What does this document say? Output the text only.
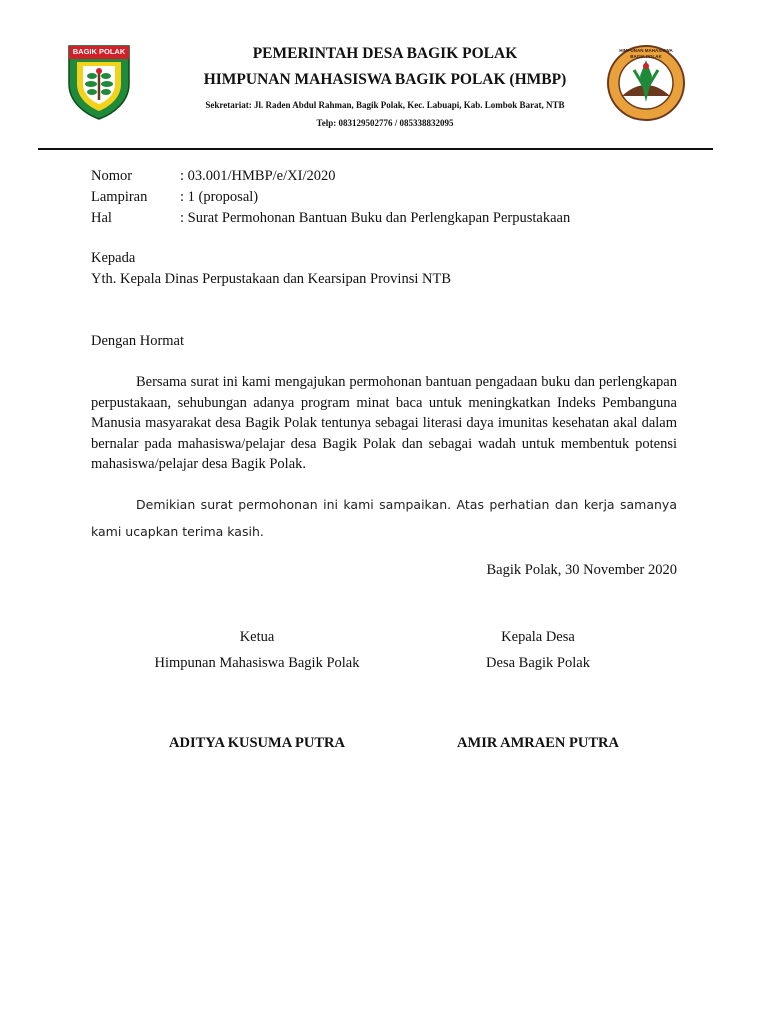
BAGIK POLAK	HIMPUNAN MAHASISWA BAGIK POLAK
PEMERINTAH DESA BAGIK POLAK
HIMPUNAN MAHASISWA BAGIK POLAK (HMBP)
Sekretariat: Jl. Raden Abdul Rahman, Bagik Polak, Kec. Labuapi, Kab. Lombok Barat, NTB
Telp: 083129502776 / 085338832095
Nomor	: 03.001/HMBP/e/XI/2020
Lampiran : 1 (proposal)
Hal	: Surat Permohonan Bantuan Buku dan Perlengkapan Perpustakaan
Kepada
Yth. Kepala Dinas Perpustakaan dan Kearsipan Provinsi NTB
Dengan Hormat

Bersama surat ini kami mengajukan permohonan bantuan pengadaan buku dan perlengkapan perpustakaan, sehubungan adanya program minat baca untuk meningkatkan Indeks Pembanguna Manusia masyarakat desa Bagik Polak tentunya sebagai literasi daya imunitas kesehatan akal dalam bernalar pada mahasiswa/pelajar desa Bagik Polak dan sebagai wadah untuk membentuk potensi mahasiswa/pelajar desa Bagik Polak.

Demikian surat permohonan ini kami sampaikan. Atas perhatian dan kerja samanya kami ucapkan terima kasih.

Bagik Polak, 30 November 2020
Ketua
Himpunan Mahasiswa Bagik Polak
ADITYA KUSUMA PUTRA
Kepala Desa
Desa Bagik Polak
AMIR AMRAEN PUTRA
